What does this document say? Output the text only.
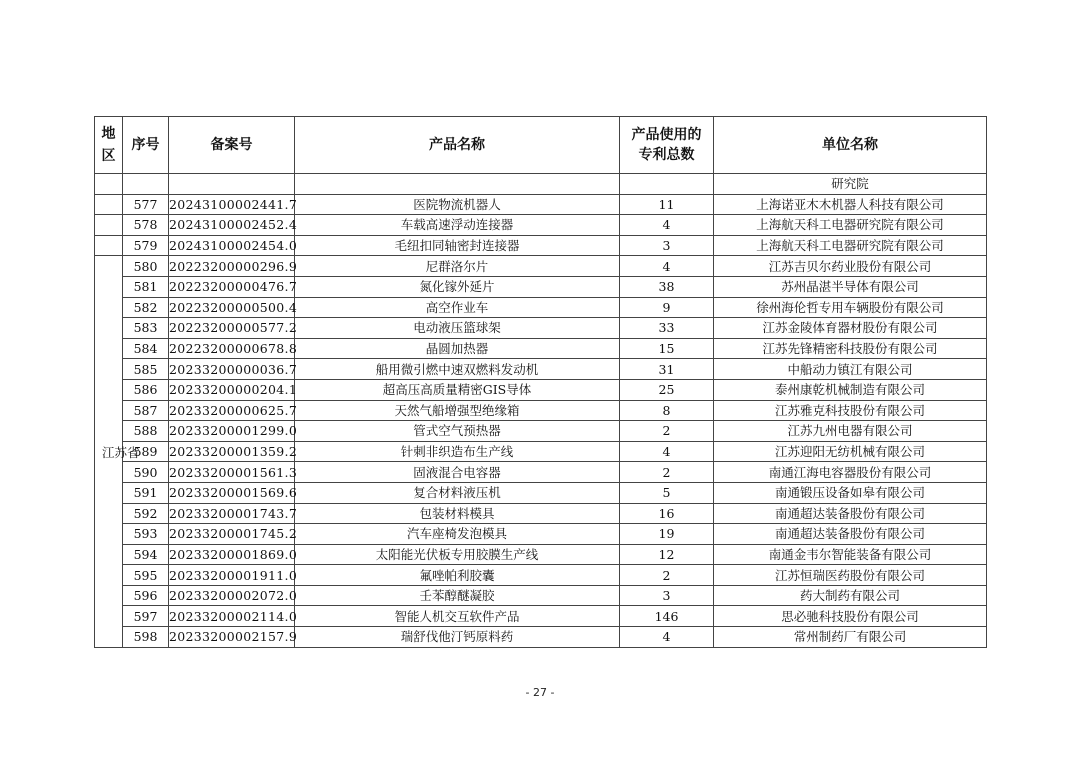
地区	序号	备案号	产品名称	产品使用的专利总数	单位名称
					研究院
	577	20243100002441.7	医院物流机器人	11	上海诺亚木木机器人科技有限公司
	578	20243100002452.4	车载高速浮动连接器	4	上海航天科工电器研究院有限公司
	579	20243100002454.0	毛纽扣同轴密封连接器	3	上海航天科工电器研究院有限公司
江苏省	580	20223200000296.9	尼群洛尔片	4	江苏吉贝尔药业股份有限公司
	581	20223200000476.7	氮化镓外延片	38	苏州晶湛半导体有限公司
	582	20223200000500.4	高空作业车	9	徐州海伦哲专用车辆股份有限公司
	583	20223200000577.2	电动液压篮球架	33	江苏金陵体育器材股份有限公司
	584	20223200000678.8	晶圆加热器	15	江苏先锋精密科技股份有限公司
	585	20233200000036.7	船用微引燃中速双燃料发动机	31	中船动力镇江有限公司
	586	20233200000204.1	超高压高质量精密GIS导体	25	泰州康乾机械制造有限公司
	587	20233200000625.7	天然气船增强型绝缘箱	8	江苏雅克科技股份有限公司
	588	20233200001299.0	管式空气预热器	2	江苏九州电器有限公司
	589	20233200001359.2	针刺非织造布生产线	4	江苏迎阳无纺机械有限公司
	590	20233200001561.3	固液混合电容器	2	南通江海电容器股份有限公司
	591	20233200001569.6	复合材料液压机	5	南通锻压设备如皋有限公司
	592	20233200001743.7	包装材料模具	16	南通超达装备股份有限公司
	593	20233200001745.2	汽车座椅发泡模具	19	南通超达装备股份有限公司
	594	20233200001869.0	太阳能光伏板专用胶膜生产线	12	南通金韦尔智能装备有限公司
	595	20233200001911.0	氟唑帕利胶囊	2	江苏恒瑞医药股份有限公司
	596	20233200002072.0	壬苯醇醚凝胶	3	药大制药有限公司
	597	20233200002114.0	智能人机交互软件产品	146	思必驰科技股份有限公司
	598	20233200002157.9	瑞舒伐他汀钙原料药	4	常州制药厂有限公司
- 27 -
